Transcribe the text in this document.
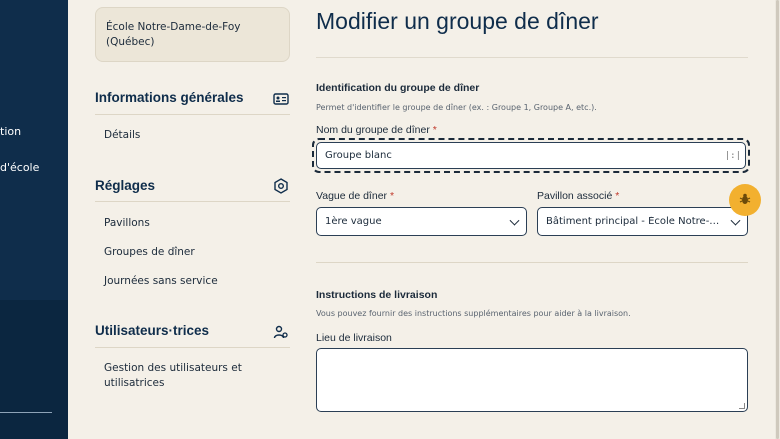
tion
d'école
École Notre-Dame-de-Foy (Québec)
Informations générales
Détails
Réglages
Pavillons
Groupes de dîner
Journées sans service
Utilisateurs·trices
Gestion des utilisateurs et utilisatrices
Modifier un groupe de dîner
Identification du groupe de dîner
Permet d'identifier le groupe de dîner (ex. : Groupe 1, Groupe A, etc.).
Nom du groupe de dîner *
Groupe blanc	|:|
Vague de dîner *
1ère vague
Pavillon associé *
Bâtiment principal - École Notre-…
Instructions de livraison
Vous pouvez fournir des instructions supplémentaires pour aider à la livraison.
Lieu de livraison
